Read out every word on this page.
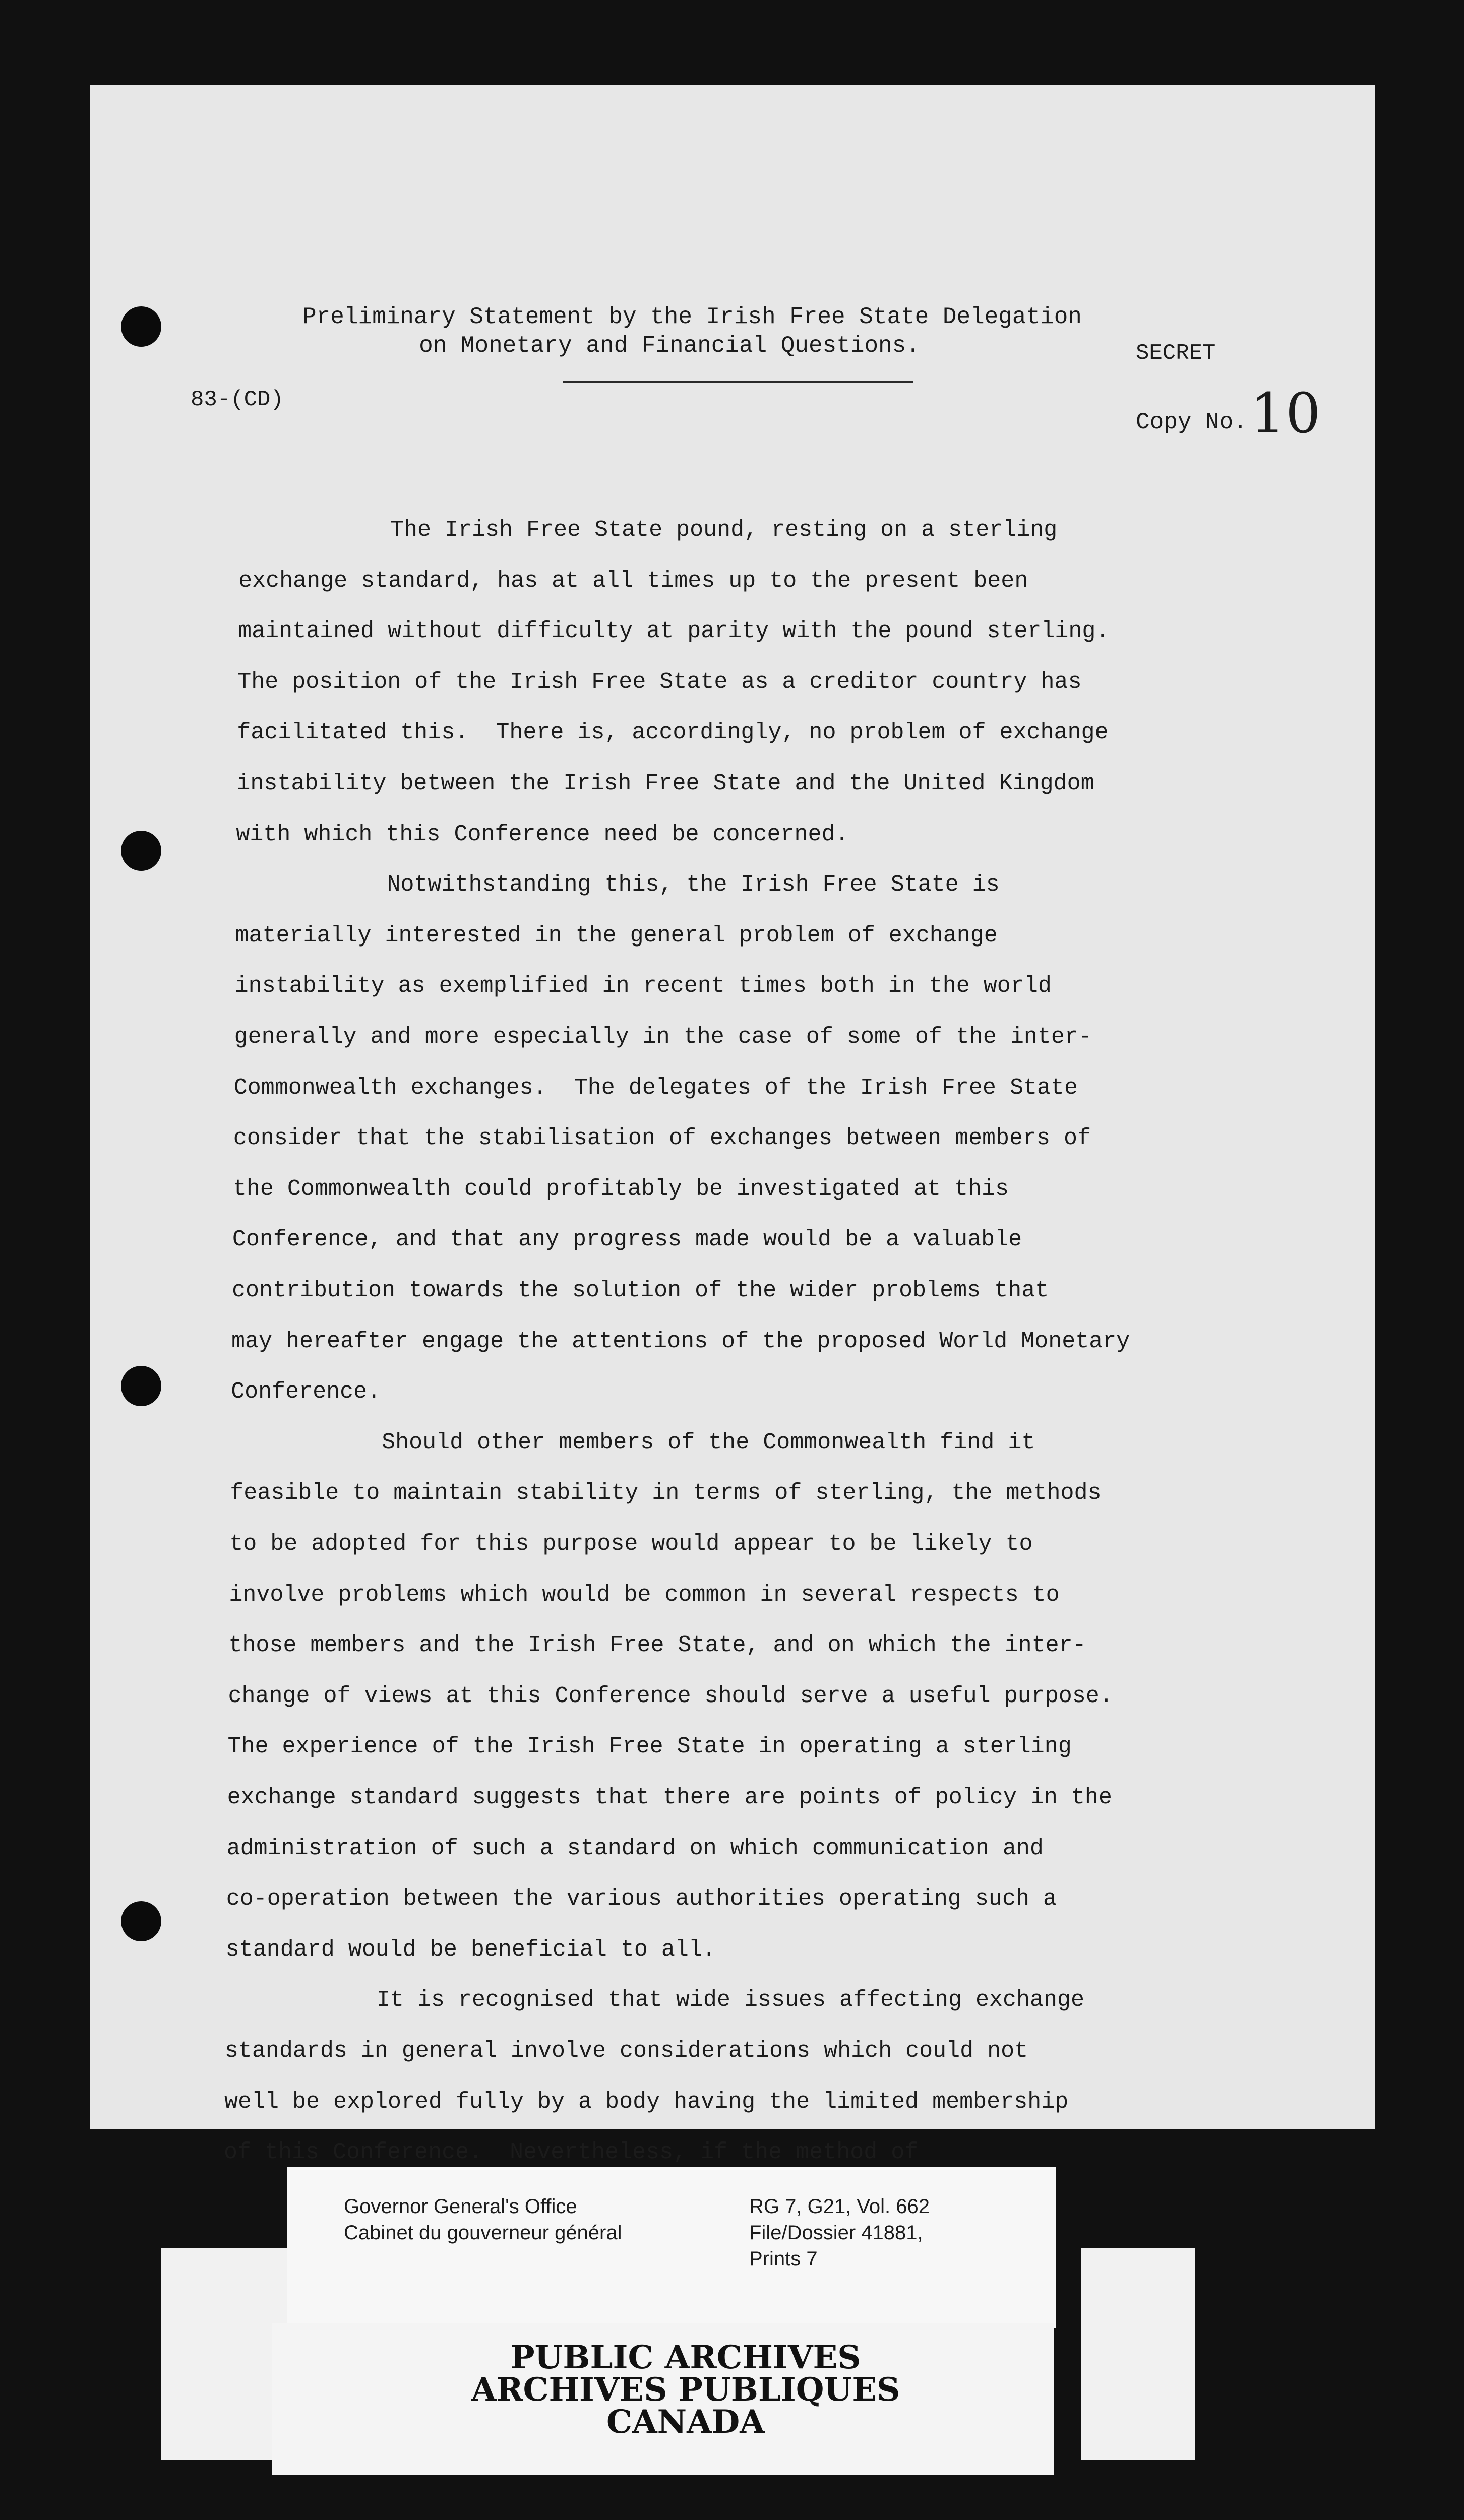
Preliminary Statement by the Irish Free State Delegation
on Monetary and Financial Questions.	SECRET
Copy No.10
83-(CD)
The Irish Free State pound, resting on a sterling
exchange standard, has at all times up to the present been
maintained without difficulty at parity with the pound sterling.
The position of the Irish Free State as a creditor country has
facilitated this.  There is, accordingly, no problem of exchange
instability between the Irish Free State and the United Kingdom
with which this Conference need be concerned.
Notwithstanding this, the Irish Free State is
materially interested in the general problem of exchange
instability as exemplified in recent times both in the world
generally and more especially in the case of some of the inter-
Commonwealth exchanges.  The delegates of the Irish Free State
consider that the stabilisation of exchanges between members of
the Commonwealth could profitably be investigated at this
Conference, and that any progress made would be a valuable
contribution towards the solution of the wider problems that
may hereafter engage the attentions of the proposed World Monetary
Conference.
Should other members of the Commonwealth find it
feasible to maintain stability in terms of sterling, the methods
to be adopted for this purpose would appear to be likely to
involve problems which would be common in several respects to
those members and the Irish Free State, and on which the inter-
change of views at this Conference should serve a useful purpose.
The experience of the Irish Free State in operating a sterling
exchange standard suggests that there are points of policy in the
administration of such a standard on which communication and
co-operation between the various authorities operating such a
standard would be beneficial to all.
It is recognised that wide issues affecting exchange
standards in general involve considerations which could not
well be explored fully by a body having the limited membership
of this Conference.  Nevertheless, if the method of
Governor General's Office
Cabinet du gouverneur général
RG 7, G21, Vol. 662
File/Dossier 41881,
Prints 7
PUBLIC ARCHIVES
ARCHIVES PUBLIQUES
CANADA
